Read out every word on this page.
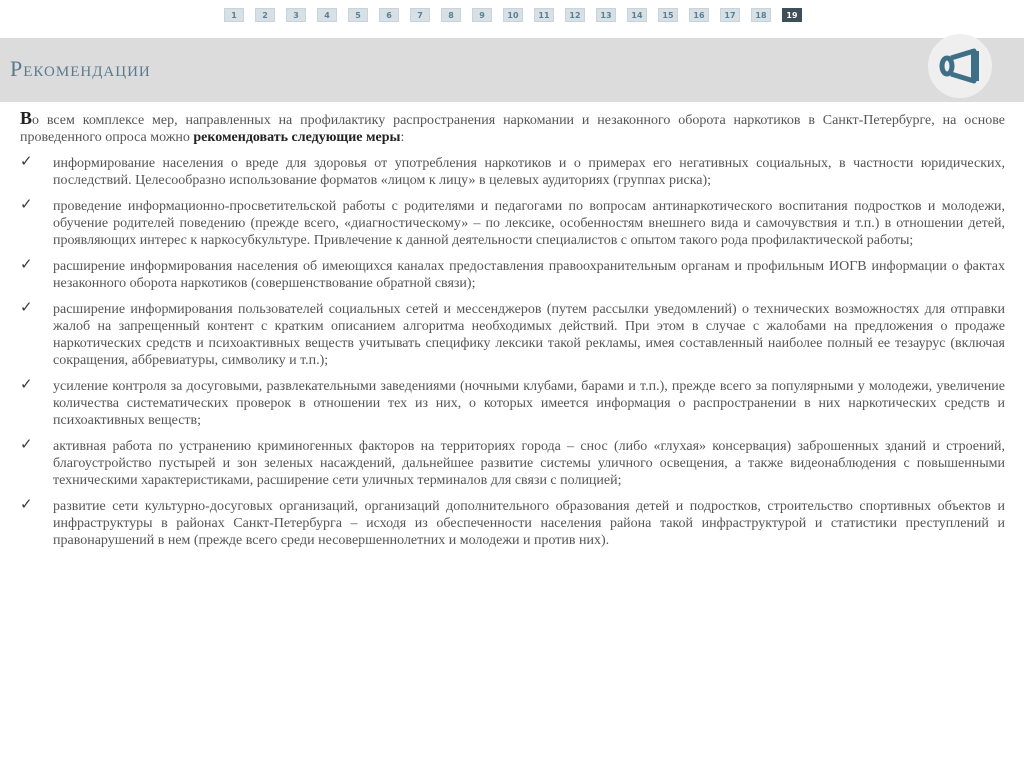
1	2	3	4	5	6	7	8	9	10	11	12	13	14	15	16	17	18	19
Рекомендации

Во всем комплексе мер, направленных на профилактику распространения наркомании и незаконного оборота наркотиков в Санкт-Петербурге, на основе проведенного опроса можно рекомендовать следующие меры:

✓ информирование населения о вреде для здоровья от употребления наркотиков и о примерах его негативных социальных, в частности юридических, последствий. Целесообразно использование форматов «лицом к лицу» в целевых аудиториях (группах риска);
✓ проведение информационно-просветительской работы с родителями и педагогами по вопросам антинаркотического воспитания подростков и молодежи, обучение родителей поведению (прежде всего, «диагностическому» – по лексике, особенностям внешнего вида и самочувствия и т.п.) в отношении детей, проявляющих интерес к наркосубкультуре. Привлечение к данной деятельности специалистов с опытом такого рода профилактической работы;
✓ расширение информирования населения об имеющихся каналах предоставления правоохранительным органам и профильным ИОГВ информации о фактах незаконного оборота наркотиков (совершенствование обратной связи);
✓ расширение информирования пользователей социальных сетей и мессенджеров (путем рассылки уведомлений) о технических возможностях для отправки жалоб на запрещенный контент с кратким описанием алгоритма необходимых действий. При этом в случае с жалобами на предложения о продаже наркотических средств и психоактивных веществ учитывать специфику лексики такой рекламы, имея составленный наиболее полный ее тезаурус (включая сокращения, аббревиатуры, символику и т.п.);
✓ усиление контроля за досуговыми, развлекательными заведениями (ночными клубами, барами и т.п.), прежде всего за популярными у молодежи, увеличение количества систематических проверок в отношении тех из них, о которых имеется информация о распространении в них наркотических средств и психоактивных веществ;
✓ активная работа по устранению криминогенных факторов на территориях города – снос (либо «глухая» консервация) заброшенных зданий и строений, благоустройство пустырей и зон зеленых насаждений, дальнейшее развитие системы уличного освещения, а также видеонаблюдения с повышенными техническими характеристиками, расширение сети уличных терминалов для связи с полицией;
✓ развитие сети культурно-досуговых организаций, организаций дополнительного образования детей и подростков, строительство спортивных объектов и инфраструктуры в районах Санкт-Петербурга – исходя из обеспеченности населения района такой инфраструктурой и статистики преступлений и правонарушений в нем (прежде всего среди несовершеннолетних и молодежи и против них).
